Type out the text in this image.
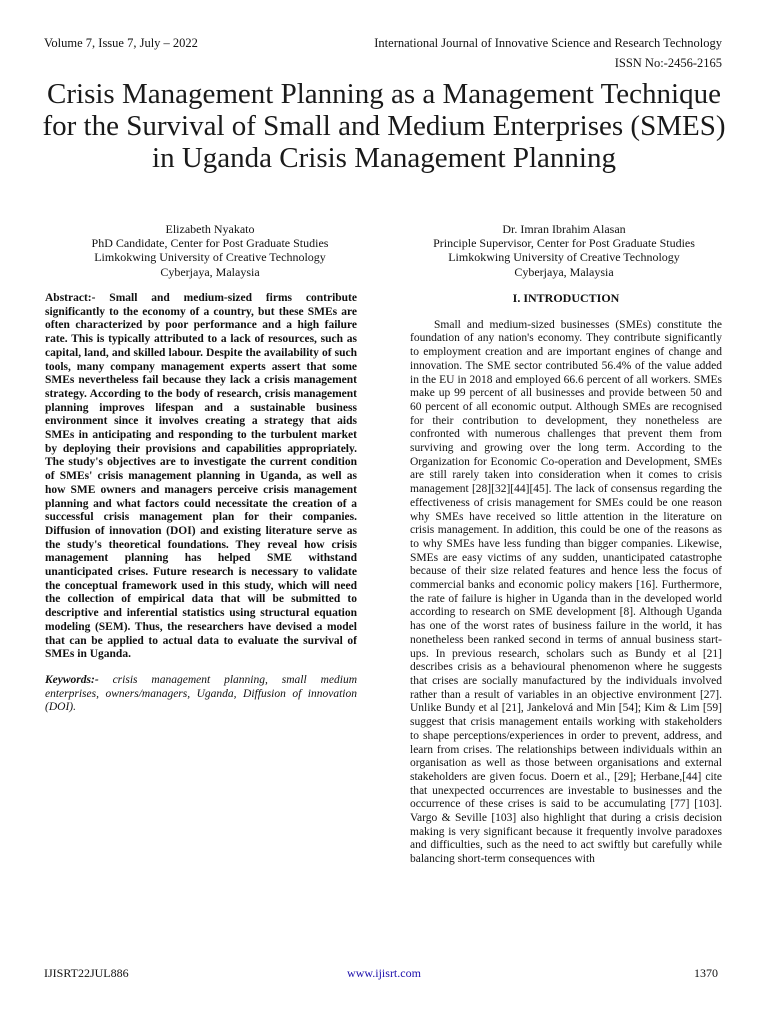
Volume 7, Issue 7, July – 2022	International Journal of Innovative Science and Research Technology
ISSN No:-2456-2165
Crisis Management Planning as a Management Technique for the Survival of Small and Medium Enterprises (SMES) in Uganda Crisis Management Planning
Elizabeth Nyakato
PhD Candidate, Center for Post Graduate Studies
Limkokwing University of Creative Technology
Cyberjaya, Malaysia
Dr. Imran Ibrahim Alasan
Principle Supervisor, Center for Post Graduate Studies
Limkokwing University of Creative Technology
Cyberjaya, Malaysia

Abstract:- Small and medium-sized firms contribute significantly to the economy of a country, but these SMEs are often characterized by poor performance and a high failure rate. This is typically attributed to a lack of resources, such as capital, land, and skilled labour. Despite the availability of such tools, many company management experts assert that some SMEs nevertheless fail because they lack a crisis management strategy. According to the body of research, crisis management planning improves lifespan and a sustainable business environment since it involves creating a strategy that aids SMEs in anticipating and responding to the turbulent market by deploying their provisions and capabilities appropriately. The study's objectives are to investigate the current condition of SMEs' crisis management planning in Uganda, as well as how SME owners and managers perceive crisis management planning and what factors could necessitate the creation of a successful crisis management plan for their companies. Diffusion of innovation (DOI) and existing literature serve as the study's theoretical foundations. They reveal how crisis management planning has helped SME withstand unanticipated crises. Future research is necessary to validate the conceptual framework used in this study, which will need the collection of empirical data that will be submitted to descriptive and inferential statistics using structural equation modeling (SEM). Thus, the researchers have devised a model that can be applied to actual data to evaluate the survival of SMEs in Uganda.

Keywords:- crisis management planning, small medium enterprises, owners/managers, Uganda, Diffusion of innovation (DOI).

I. INTRODUCTION

Small and medium-sized businesses (SMEs) constitute the foundation of any nation's economy. They contribute significantly to employment creation and are important engines of change and innovation. The SME sector contributed 56.4% of the value added in the EU in 2018 and employed 66.6 percent of all workers. SMEs make up 99 percent of all businesses and provide between 50 and 60 percent of all economic output. Although SMEs are recognised for their contribution to development, they nonetheless are confronted with numerous challenges that prevent them from surviving and growing over the long term. According to the Organization for Economic Co-operation and Development, SMEs are still rarely taken into consideration when it comes to crisis management [28][32][44][45]. The lack of consensus regarding the effectiveness of crisis management for SMEs could be one reason why SMEs have received so little attention in the literature on crisis management. In addition, this could be one of the reasons as to why SMEs have less funding than bigger companies. Likewise, SMEs are easy victims of any sudden, unanticipated catastrophe because of their size related features and hence less the focus of commercial banks and economic policy makers [16]. Furthermore, the rate of failure is higher in Uganda than in the developed world according to research on SME development [8]. Although Uganda has one of the worst rates of business failure in the world, it has nonetheless been ranked second in terms of annual business start-ups. In previous research, scholars such as Bundy et al [21] describes crisis as a behavioural phenomenon where he suggests that crises are socially manufactured by the individuals involved rather than a result of variables in an objective environment [27]. Unlike Bundy et al [21], Jankelová and Min [54]; Kim & Lim [59] suggest that crisis management entails working with stakeholders to shape perceptions/experiences in order to prevent, address, and learn from crises. The relationships between individuals within an organisation as well as those between organisations and external stakeholders are given focus. Doern et al., [29]; Herbane,[44] cite that unexpected occurrences are investable to businesses and the occurrence of these crises is said to be accumulating [77] [103]. Vargo & Seville [103] also highlight that during a crisis decision making is very significant because it frequently involve paradoxes and difficulties, such as the need to act swiftly but carefully while balancing short-term consequences with

IJISRT22JUL886	www.ijisrt.com	1370
